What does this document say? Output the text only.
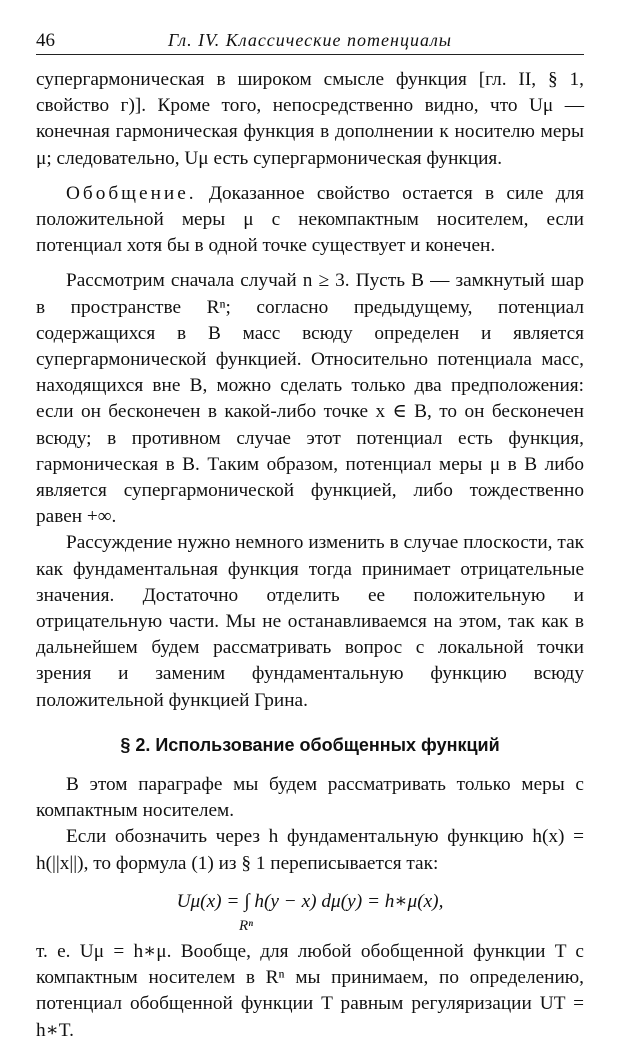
46	Гл. IV. Классические потенциалы

супергармоническая в широком смысле функция [гл. II, § 1, свойство г)]. Кроме того, непосредственно видно, что Uμ — конечная гармоническая функция в дополнении к носителю меры μ; следовательно, Uμ есть супергармоническая функция.

Обобщение. Доказанное свойство остается в силе для положительной меры μ с некомпактным носителем, если потенциал хотя бы в одной точке существует и конечен.

Рассмотрим сначала случай n ≥ 3. Пусть B — замкнутый шар в пространстве Rⁿ; согласно предыдущему, потенциал содержащихся в B масс всюду определен и является супергармонической функцией. Относительно потенциала масс, находящихся вне B, можно сделать только два предположения: если он бесконечен в какой-либо точке x ∈ B, то он бесконечен всюду; в противном случае этот потенциал есть функция, гармоническая в B. Таким образом, потенциал меры μ в B либо является супергармонической функцией, либо тождественно равен +∞.

Рассуждение нужно немного изменить в случае плоскости, так как фундаментальная функция тогда принимает отрицательные значения. Достаточно отделить ее положительную и отрицательную части. Мы не останавливаемся на этом, так как в дальнейшем будем рассматривать вопрос с локальной точки зрения и заменим фундаментальную функцию всюду положительной функцией Грина.

§ 2. Использование обобщенных функций

В этом параграфе мы будем рассматривать только меры с компактным носителем.

Если обозначить через h фундаментальную функцию h(x) = h(||x||), то формула (1) из § 1 переписывается так:

Uμ(x) = ∫ h(y − x) dμ(y) = h∗μ(x),
Rⁿ

т. е. Uμ = h∗μ. Вообще, для любой обобщенной функции T с компактным носителем в Rⁿ мы принимаем, по определению, потенциал обобщенной функции T равным регуляризации UT = h∗T.
